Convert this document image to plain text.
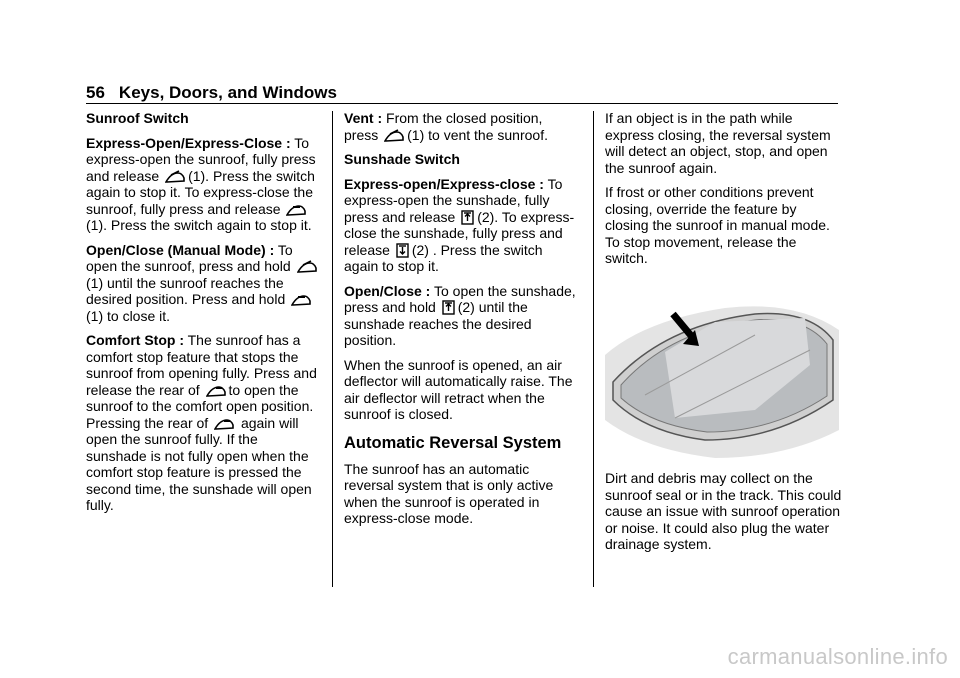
56 Keys, Doors, and Windows
Sunroof Switch

Express-Open/Express-Close : To express-open the sunroof, fully press and release (1). Press the switch again to stop it. To express-close the sunroof, fully press and release (1). Press the switch again to stop it.

Open/Close (Manual Mode) : To open the sunroof, press and hold (1) until the sunroof reaches the desired position. Press and hold (1) to close it.

Comfort Stop : The sunroof has a comfort stop feature that stops the sunroof from opening fully. Press and release the rear of to open the sunroof to the comfort open position. Pressing the rear of again will open the sunroof fully. If the sunshade is not fully open when the comfort stop feature is pressed the second time, the sunshade will open fully.

Vent : From the closed position, press (1) to vent the sunroof.

Sunshade Switch

Express-open/Express-close : To express-open the sunshade, fully press and release (2). To express-close the sunshade, fully press and release (2) . Press the switch again to stop it.

Open/Close : To open the sunshade, press and hold (2) until the sunshade reaches the desired position.

When the sunroof is opened, an air deflector will automatically raise. The air deflector will retract when the sunroof is closed.

Automatic Reversal System

The sunroof has an automatic reversal system that is only active when the sunroof is operated in express-close mode.

If an object is in the path while express closing, the reversal system will detect an object, stop, and open the sunroof again.

If frost or other conditions prevent closing, override the feature by closing the sunroof in manual mode. To stop movement, release the switch.

Dirt and debris may collect on the sunroof seal or in the track. This could cause an issue with sunroof operation or noise. It could also plug the water drainage system.
carmanualsonline.info
